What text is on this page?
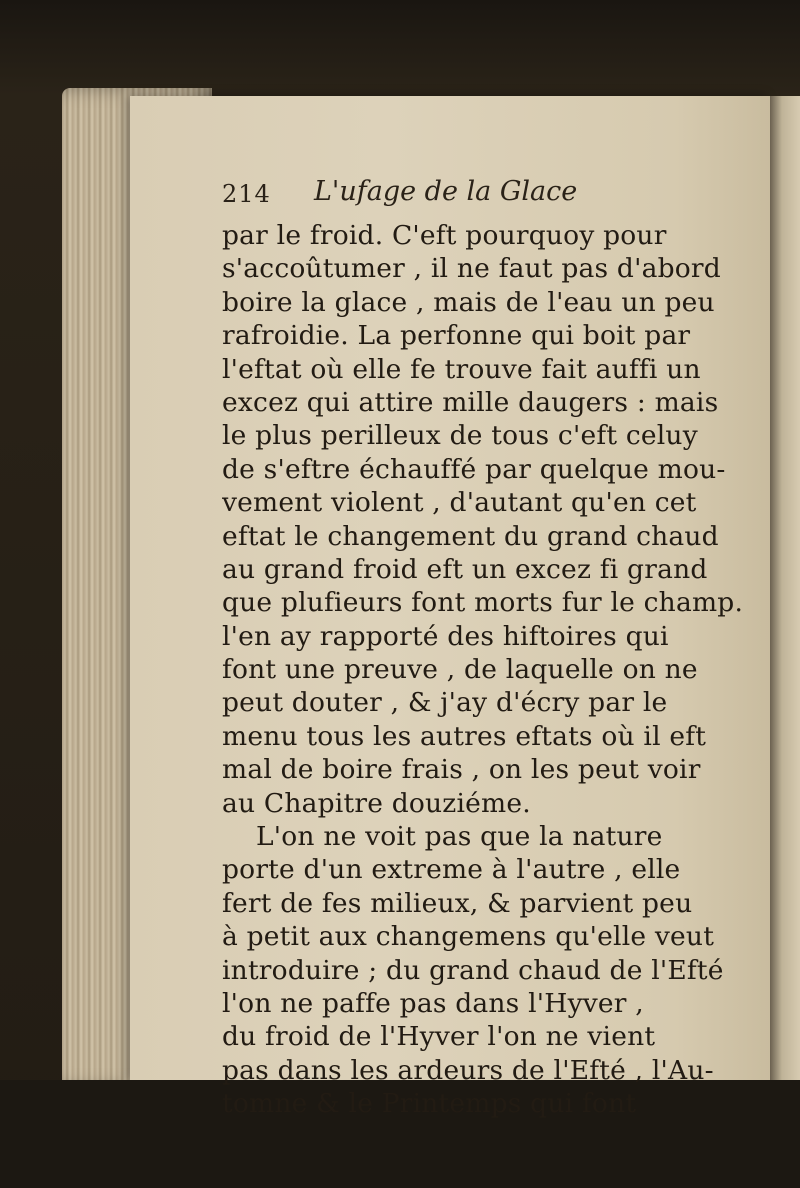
214 L'ufage de la Glace
par le froid. C'eft pourquoy pour
s'accoûtumer , il ne faut pas d'abord
boire la glace , mais de l'eau un peu
rafroidie. La perfonne qui boit par
l'eftat où elle fe trouve fait auffi un
excez qui attire mille daugers : mais
le plus perilleux de tous c'eft celuy
de s'eftre échauffé par quelque mou-
vement violent , d'autant qu'en cet
eftat le changement du grand chaud
au grand froid eft un excez fi grand
que plufieurs font morts fur le champ.
l'en ay rapporté des hiftoires qui
font une preuve , de laquelle on ne
peut douter , & j'ay d'écry par le
menu tous les autres eftats où il eft
mal de boire frais , on les peut voir
au Chapitre douziéme.
L'on ne voit pas que la nature
porte d'un extreme à l'autre , elle
fert de fes milieux, & parvient peu
à petit aux changemens qu'elle veut
introduire ; du grand chaud de l'Efté
l'on ne paffe pas dans l'Hyver ,
du froid de l'Hyver l'on ne vient
pas dans les ardeurs de l'Efté , l'Au-
tomne & le Printemps qui font
